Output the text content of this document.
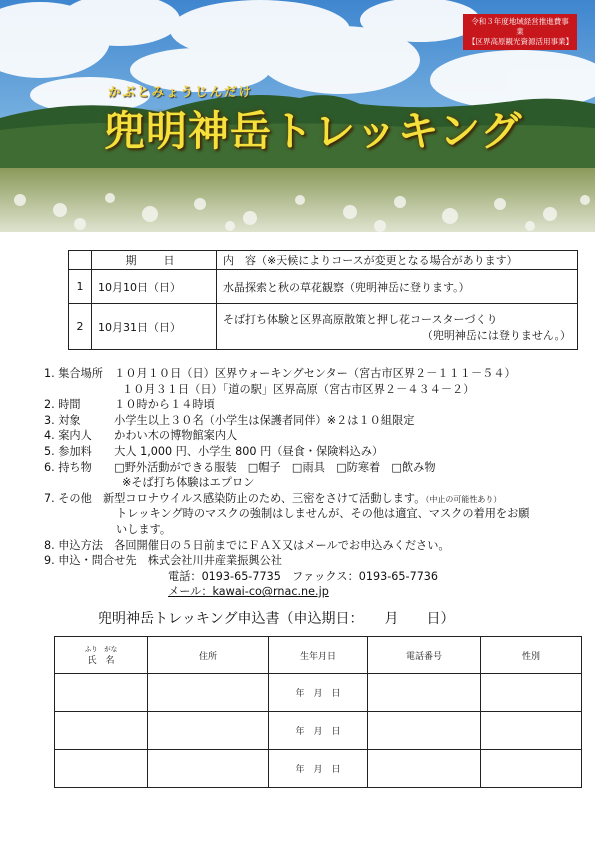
令和３年度地域経営推進費事業
【区界高原観光資源活用事業】
かぶとみょうじんだけ
兜明神岳トレッキング
	期　日	内　容（※天候によりコースが変更となる場合があります）
1	10月10日（日）	水晶探索と秋の草花観察（兜明神岳に登ります。）

2	10月31日（日）	そば打ち体験と区界高原散策と押し花コースターづくり
（兜明神岳には登りません。）
1. 集合場所　１０月１０日（日）区界ウォーキングセンター（宮古市区界２－１１１－５４）
１０月３１日（日）「道の駅」区界高原（宮古市区界２－４３４－２）
2. 時間　　　１０時から１４時頃
3. 対象　　　小学生以上３０名（小学生は保護者同伴）※２は１０組限定
4. 案内人　　かわい木の博物館案内人
5. 参加料　　大人 1,000 円、小学生 800 円（昼食・保険料込み）
6. 持ち物　　□野外活動ができる服装　□帽子　□雨具　□防寒着　□飲み物
※そば打ち体験はエプロン
7. その他　新型コロナウイルス感染防止のため、三密をさけて活動します。（中止の可能性あり）
トレッキング時のマスクの強制はしませんが、その他は適宜、マスクの着用をお願
いします。
8. 申込方法　各回開催日の５日前までにＦＡＸ又はメールでお申込みください。
9. 申込・問合せ先　株式会社川井産業振興公社
電話：0193-65-7735　ファックス：0193-65-7736
メール：kawai-co@rnac.ne.jp
兜明神岳トレッキング申込書（申込期日：　　月　　日）
ふり　がな
氏　名	住所	生年月日	電話番号	性別
		年　月　日		
		年　月　日		
		年　月　日		
